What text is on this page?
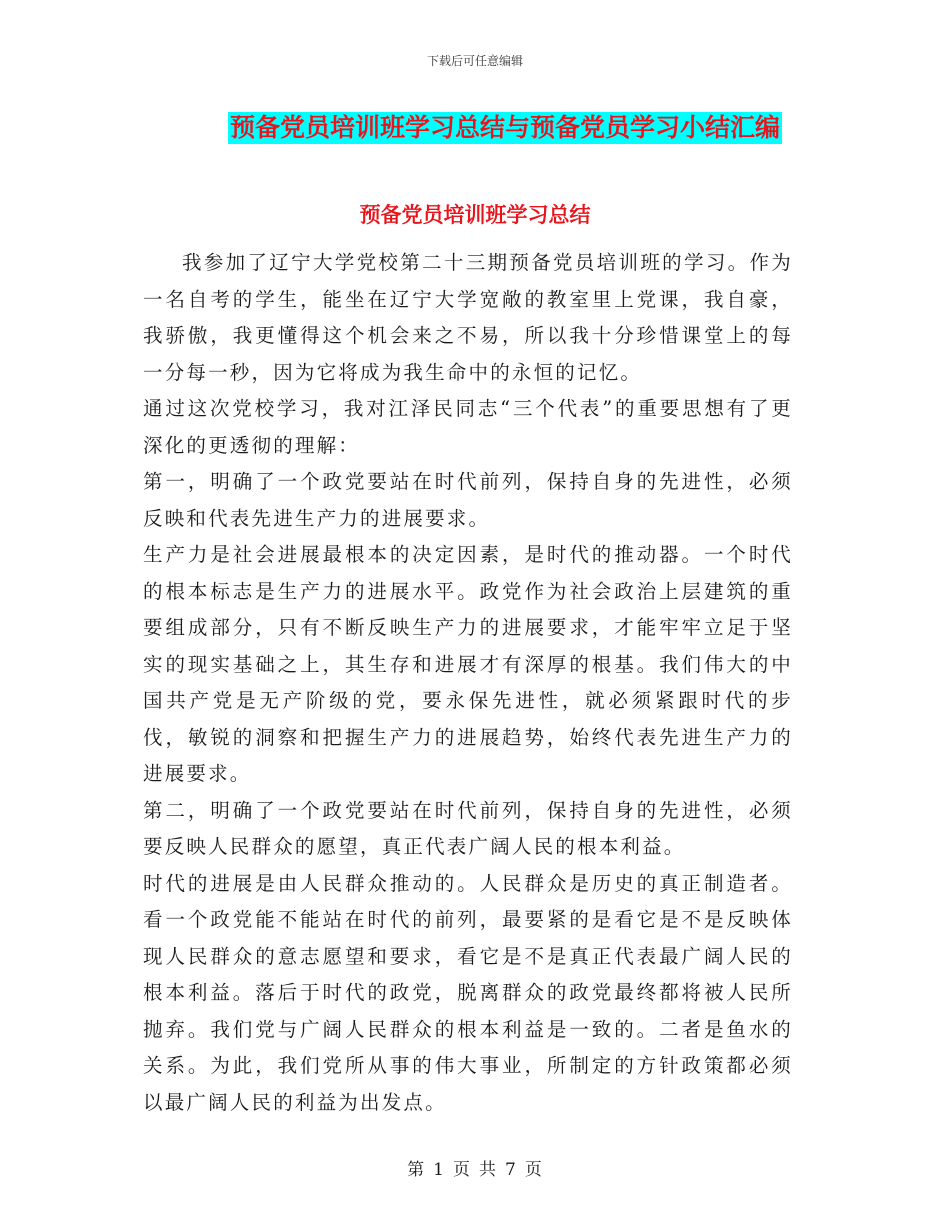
下载后可任意编辑
预备党员培训班学习总结与预备党员学习小结汇编
预备党员培训班学习总结

我参加了辽宁大学党校第二十三期预备党员培训班的学习。作为一名自考的学生，能坐在辽宁大学宽敞的教室里上党课，我自豪，我骄傲，我更懂得这个机会来之不易，所以我十分珍惜课堂上的每一分每一秒，因为它将成为我生命中的永恒的记忆。

通过这次党校学习，我对江泽民同志“三个代表”的重要思想有了更深化的更透彻的理解：

第一，明确了一个政党要站在时代前列，保持自身的先进性，必须反映和代表先进生产力的进展要求。

生产力是社会进展最根本的决定因素，是时代的推动器。一个时代的根本标志是生产力的进展水平。政党作为社会政治上层建筑的重要组成部分，只有不断反映生产力的进展要求，才能牢牢立足于坚实的现实基础之上，其生存和进展才有深厚的根基。我们伟大的中国共产党是无产阶级的党，要永保先进性，就必须紧跟时代的步伐，敏锐的洞察和把握生产力的进展趋势，始终代表先进生产力的进展要求。

第二，明确了一个政党要站在时代前列，保持自身的先进性，必须要反映人民群众的愿望，真正代表广阔人民的根本利益。

时代的进展是由人民群众推动的。人民群众是历史的真正制造者。看一个政党能不能站在时代的前列，最要紧的是看它是不是反映体现人民群众的意志愿望和要求，看它是不是真正代表最广阔人民的根本利益。落后于时代的政党，脱离群众的政党最终都将被人民所抛弃。我们党与广阔人民群众的根本利益是一致的。二者是鱼水的关系。为此，我们党所从事的伟大事业，所制定的方针政策都必须以最广阔人民的利益为出发点。

第 1 页 共 7 页
